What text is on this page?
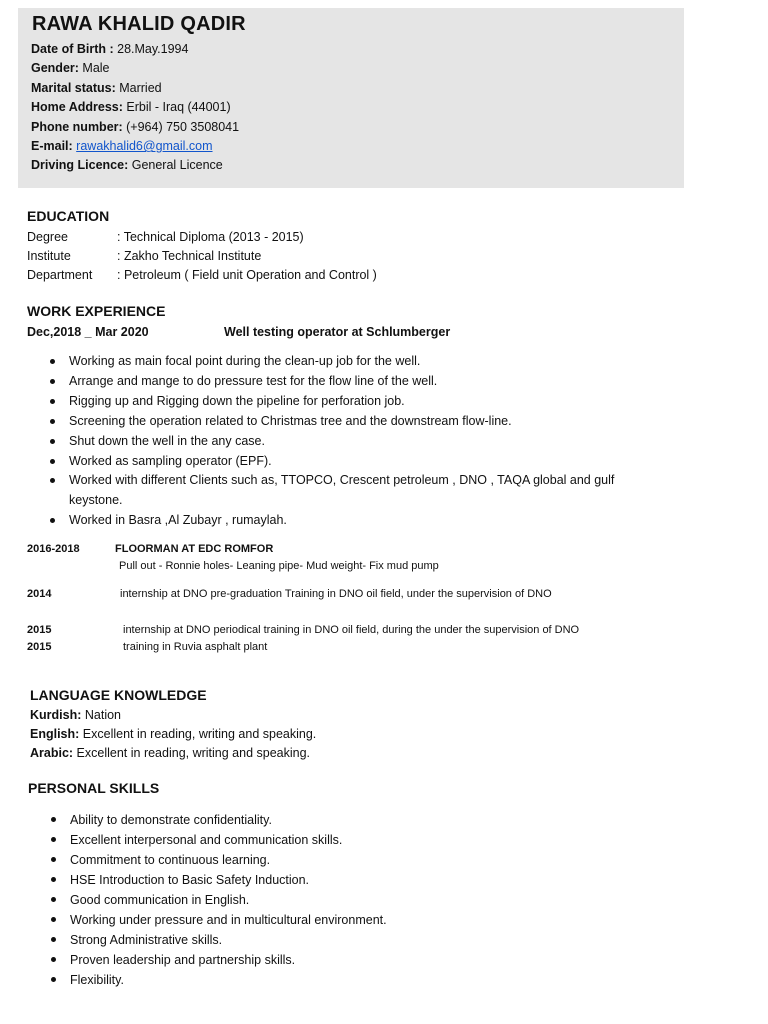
RAWA KHALID QADIR
Date of Birth : 28.May.1994
Gender: Male
Marital status: Married
Home Address: Erbil - Iraq (44001)
Phone number: (+964) 750 3508041
E-mail: rawakhalid6@gmail.com
Driving Licence: General Licence
EDUCATION
Degree	: Technical Diploma (2013 - 2015)
Institute	: Zakho Technical Institute
Department : Petroleum ( Field unit Operation and Control )
WORK EXPERIENCE
Dec,2018 _ Mar 2020	Well testing operator at Schlumberger
Working as main focal point during the clean-up job for the well.
Arrange and mange to do pressure test for the flow line of the well.
Rigging up and Rigging down the pipeline for perforation job.
Screening the operation related to Christmas tree and the downstream flow-line.
Shut down the well in the any case.
Worked as sampling operator (EPF).
Worked with different Clients such as, TTOPCO, Crescent petroleum , DNO , TAQA global and gulf keystone.
Worked in Basra ,Al Zubayr , rumaylah.
2016-2018	FLOORMAN AT EDC ROMFOR
Pull out - Ronnie holes- Leaning pipe- Mud weight- Fix mud pump
2014	internship at DNO pre-graduation Training in DNO oil field, under the supervision of DNO
2015	internship at DNO periodical training in DNO oil field, during the under the supervision of DNO
2015	training in Ruvia asphalt plant
LANGUAGE KNOWLEDGE
Kurdish: Nation
English: Excellent in reading, writing and speaking.
Arabic: Excellent in reading, writing and speaking.
PERSONAL SKILLS
Ability to demonstrate confidentiality.
Excellent interpersonal and communication skills.
Commitment to continuous learning.
HSE Introduction to Basic Safety Induction.
Good communication in English.
Working under pressure and in multicultural environment.
Strong Administrative skills.
Proven leadership and partnership skills.
Flexibility.
